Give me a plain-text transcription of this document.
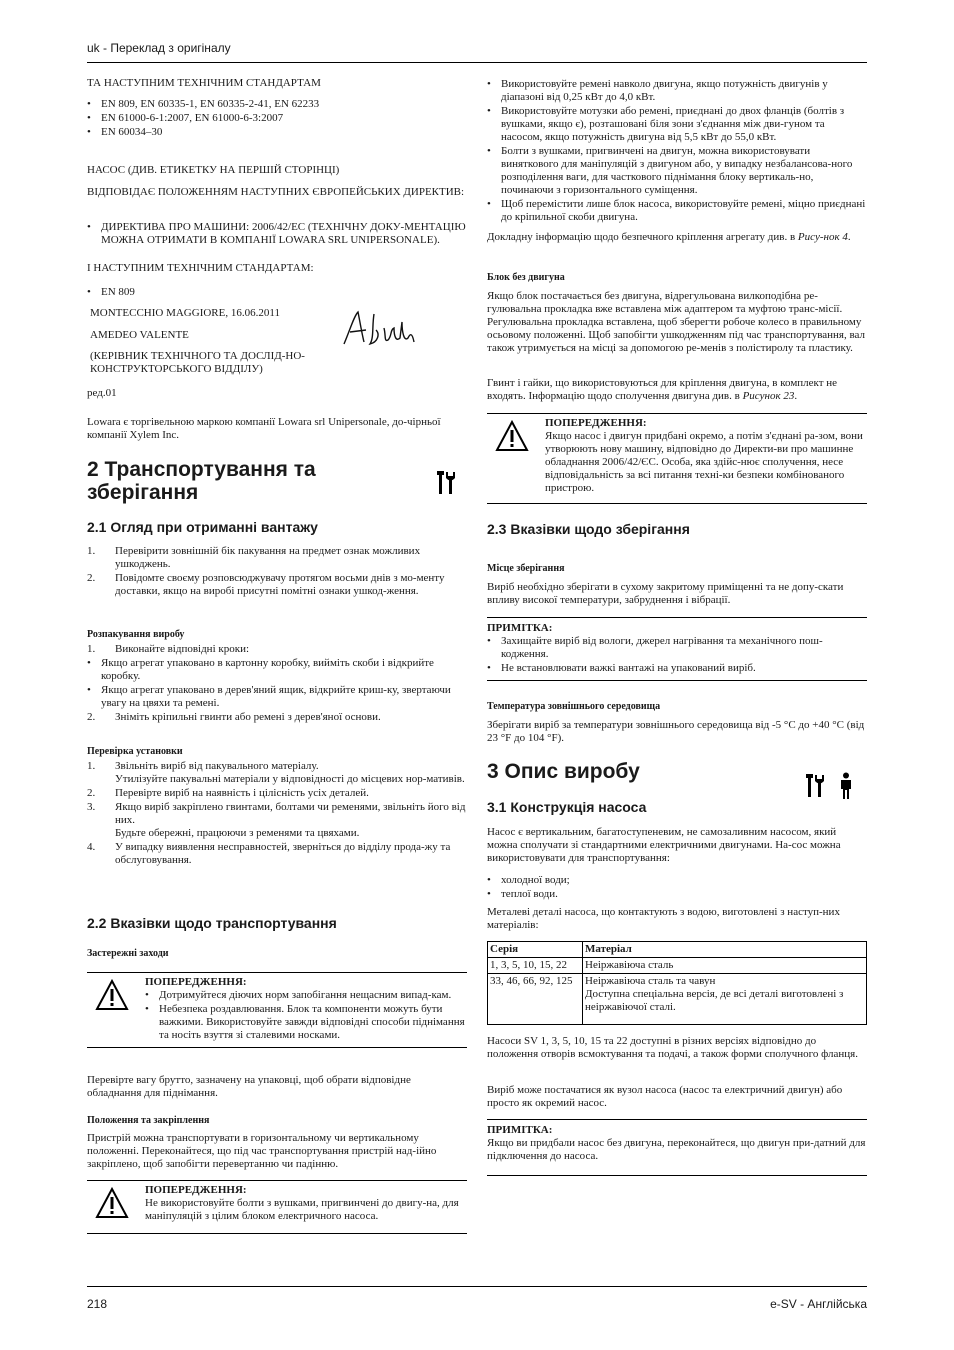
uk - Переклад з оригіналу

ТА НАСТУПНИМ ТЕХНІЧНИМ СТАНДАРТАМ

• EN 809, EN 60335-1, EN 60335-2-41, EN 62233
• EN 61000-6-1:2007, EN 61000-6-3:2007
• EN 60034–30

НАСОС (ДИВ. ЕТИКЕТКУ НА ПЕРШІЙ СТОРІНЦІ)

ВІДПОВІДАЄ ПОЛОЖЕННЯМ НАСТУПНИХ ЄВРОПЕЙСЬКИХ ДИРЕКТИВ:

• ДИРЕКТИВА ПРО МАШИНИ: 2006/42/ЕС (ТЕХНІЧНУ ДОКУ-МЕНТАЦІЮ МОЖНА ОТРИМАТИ В КОМПАНІЇ LOWARA SRL UNIPERSONALE).

І НАСТУПНИМ ТЕХНІЧНИМ СТАНДАРТАМ:

• EN 809

MONTECCHIO MAGGIORE, 16.06.2011

AMEDEO VALENTE

(КЕРІВНИК ТЕХНІЧНОГО ТА ДОСЛІД-НО-КОНСТРУКТОРСЬКОГО ВІДДІЛУ)

ред.01

Lowara є торгівельною маркою компанії Lowara srl Unipersonale, до-чірньої компанії Xylem Inc.

2 Транспортування та зберігання
2.1 Огляд при отриманні вантажу
1. Перевірити зовнішній бік пакування на предмет ознак можливих ушкоджень.
2. Повідомте своєму розповсюджувачу протягом восьми днів з мо-менту доставки, якщо на виробі присутні помітні ознаки ушкод-ження.
Розпакування виробу
1. Виконайте відповідні кроки:
• Якщо агрегат упаковано в картонну коробку, вийміть скоби і відкрийте коробку.
• Якщо агрегат упаковано в дерев'яний ящик, відкрийте криш-ку, звертаючи увагу на цвяхи та ремені.
2. Зніміть кріпильні гвинти або ремені з дерев'яної основи.
Перевірка установки
1. Звільніть виріб від пакувального матеріалу.
Утилізуйте пакувальні матеріали у відповідності до місцевих нор-мативів.
2. Перевірте виріб на наявність і цілісність усіх деталей.
3. Якщо виріб закріплено гвинтами, болтами чи ременями, звільніть його від них.
Будьте обережні, працюючи з ременями та цвяхами.
4. У випадку виявлення несправностей, зверніться до відділу прода-жу та обслуговування.
2.2 Вказівки щодо транспортування
Застережні заходи
ПОПЕРЕДЖЕННЯ:
• Дотримуйтеся діючих норм запобігання нещасним випад-кам.
• Небезпека роздавлювання. Блок та компоненти можуть бути важкими. Використовуйте завжди відповідні способи піднімання та носіть взуття зі сталевими носками.

Перевірте вагу брутто, зазначену на упаковці, щоб обрати відповідне обладнання для піднімання.

Положення та закріплення

Пристрій можна транспортувати в горизонтальному чи вертикальному положенні. Переконайтеся, що під час транспортування пристрій над-ійно закріплено, щоб запобігти перевертанню чи падінню.

ПОПЕРЕДЖЕННЯ:

Не використовуйте болти з вушками, пригвинчені до двигу-на, для маніпуляцій з цілим блоком електричного насоса.

• Використовуйте ремені навколо двигуна, якщо потужність двигунів у діапазоні від 0,25 кВт до 4,0 кВт.
• Використовуйте мотузки або ремені, приєднані до двох фланців (болтів з вушками, якщо є), розташовані біля зони з'єднання між дви-гуном та насосом, якщо потужність двигуна від 5,5 кВт до 55,0 кВт.
• Болти з вушками, пригвинчені на двигун, можна використовувати виняткового для маніпуляцій з двигуном або, у випадку незбалансова-ного розподілення ваги, для часткового піднімання блоку вертикаль-но, починаючи з горизонтального суміщення.
• Щоб перемістити лише блок насоса, використовуйте ремені, міцно приєднані до кріпильної скоби двигуна.

Докладну інформацію щодо безпечного кріплення агрегату див. в Рису-нок 4.

Блок без двигуна

Якщо блок постачається без двигуна, відрегульована вилкоподібна ре-гулювальна прокладка вже вставлена між адаптером та муфтою транс-місії. Регулювальна прокладка вставлена, щоб зберегти робоче колесо в правильному осьовому положенні. Щоб запобігти ушкодженням під час транспортування, вал також утримується на місці за допомогою ре-менів з полістиролу та пластику.

Гвинт і гайки, що використовуються для кріплення двигуна, в комплект не входять. Інформацію щодо сполучення двигуна див. в Рисунок 23.

ПОПЕРЕДЖЕННЯ:

Якщо насос і двигун придбані окремо, а потім з'єднані ра-зом, вони утворюють нову машину, відповідно до Директи-ви про машинне обладнання 2006/42/ЄС. Особа, яка здійс-нює сполучення, несе відповідальність за всі питання техні-ки безпеки комбінованого пристрою.

2.3 Вказівки щодо зберігання
Місце зберігання

Виріб необхідно зберігати в сухому закритому приміщенні та не допу-скати впливу високої температури, забруднення і вібрації.

ПРИМІТКА:
• Захищайте виріб від вологи, джерел нагрівання та механічного пош-кодження.
• Не встановлювати важкі вантажі на упакований виріб.
Температура зовнішнього середовища

Зберігати виріб за температури зовнішнього середовища від -5 °C до +40 °C (від 23 °F до 104 °F).

3 Опис виробу
3.1 Конструкція насоса

Насос є вертикальним, багатоступеневим, не самозаливним насосом, який можна сполучати зі стандартними електричними двигунами. На-сос можна використовувати для транспортування:

• холодної води;
• теплої води.

Металеві деталі насоса, що контактують з водою, виготовлені з наступ-них матеріалів:

Серія	Матеріал
1, 3, 5, 10, 15, 22	Неіржавіюча сталь
33, 46, 66, 92, 125	Неіржавіюча сталь та чавун
Доступна спеціальна версія, де всі деталі виготовлені з неіржавіючої сталі.

Насоси SV 1, 3, 5, 10, 15 та 22 доступні в різних версіях відповідно до положення отворів всмоктування та подачі, а також форми сполучного фланця.

Виріб може постачатися як вузол насоса (насос та електричний двигун) або просто як окремий насос.

ПРИМІТКА:

Якщо ви придбали насос без двигуна, переконайтеся, що двигун при-датний для підключення до насоса.

218	e-SV - Англійська
